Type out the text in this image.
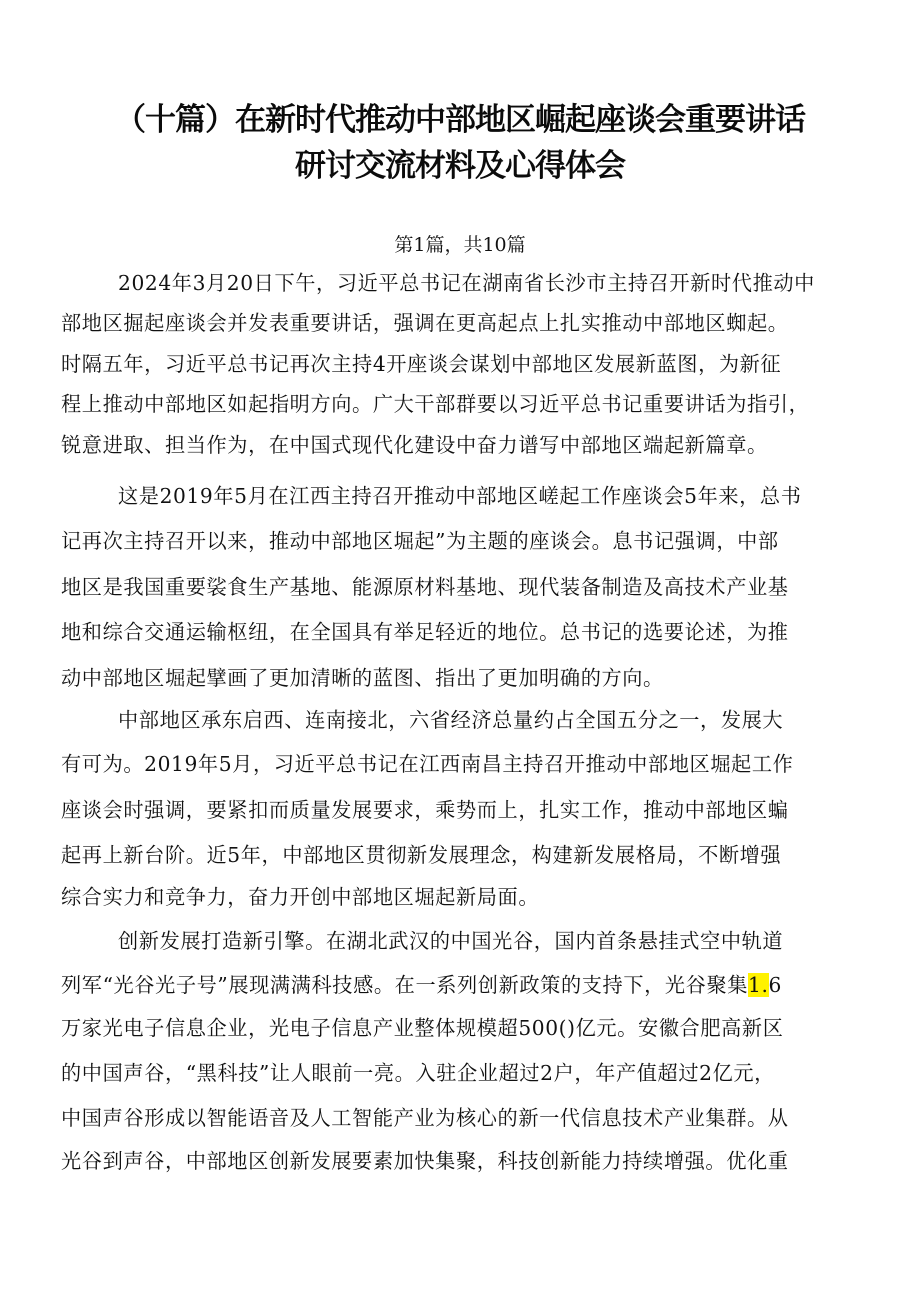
（十篇）在新时代推动中部地区崛起座谈会重要讲话
研讨交流材料及心得体会
第1篇，共10篇
2024年3月20日下午，习近平总书记在湖南省长沙市主持召开新时代推动中
部地区掘起座谈会并发表重要讲话，强调在更高起点上扎实推动中部地区蜘起。
时隔五年，习近平总书记再次主持4开座谈会谋划中部地区发展新蓝图，为新征
程上推动中部地区如起指明方向。广大干部群要以习近平总书记重要讲话为指引，
锐意进取、担当作为，在中国式现代化建设中奋力谱写中部地区端起新篇章。
这是2019年5月在江西主持召开推动中部地区嵯起工作座谈会5年来，总书
记再次主持召开以来，推动中部地区堀起”为主题的座谈会。息书记强调，中部
地区是我国重要裟食生产基地、能源原材料基地、现代装备制造及高技术产业基
地和综合交通运输枢纽，在全国具有举足轻近的地位。总书记的选要论述，为推
动中部地区堀起擘画了更加清晰的蓝图、指出了更加明确的方向。
中部地区承东启西、连南接北，六省经济总量约占全国五分之一，发展大
有可为。2019年5月，习近平总书记在江西南昌主持召开推动中部地区堀起工作
座谈会时强调，要紧扣而质量发展要求，乘势而上，扎实工作，推动中部地区蝙
起再上新台阶。近5年，中部地区贯彻新发展理念，构建新发展格局，不断增强
综合实力和竞争力，奋力开创中部地区堀起新局面。
创新发展打造新引擎。在湖北武汉的中国光谷，国内首条悬挂式空中轨道
列军“光谷光子号”展现满满科技感。在一系列创新政策的支持下，光谷聚集1.6
万家光电子信息企业，光电子信息产业整体规模超500()亿元。安徽合肥高新区
的中国声谷，“黑科技”让人眼前一亮。入驻企业超过2户，年产值超过2亿元，
中国声谷形成以智能语音及人工智能产业为核心的新一代信息技术产业集群。从
光谷到声谷，中部地区创新发展要素加快集聚，科技创新能力持续增强。优化重
